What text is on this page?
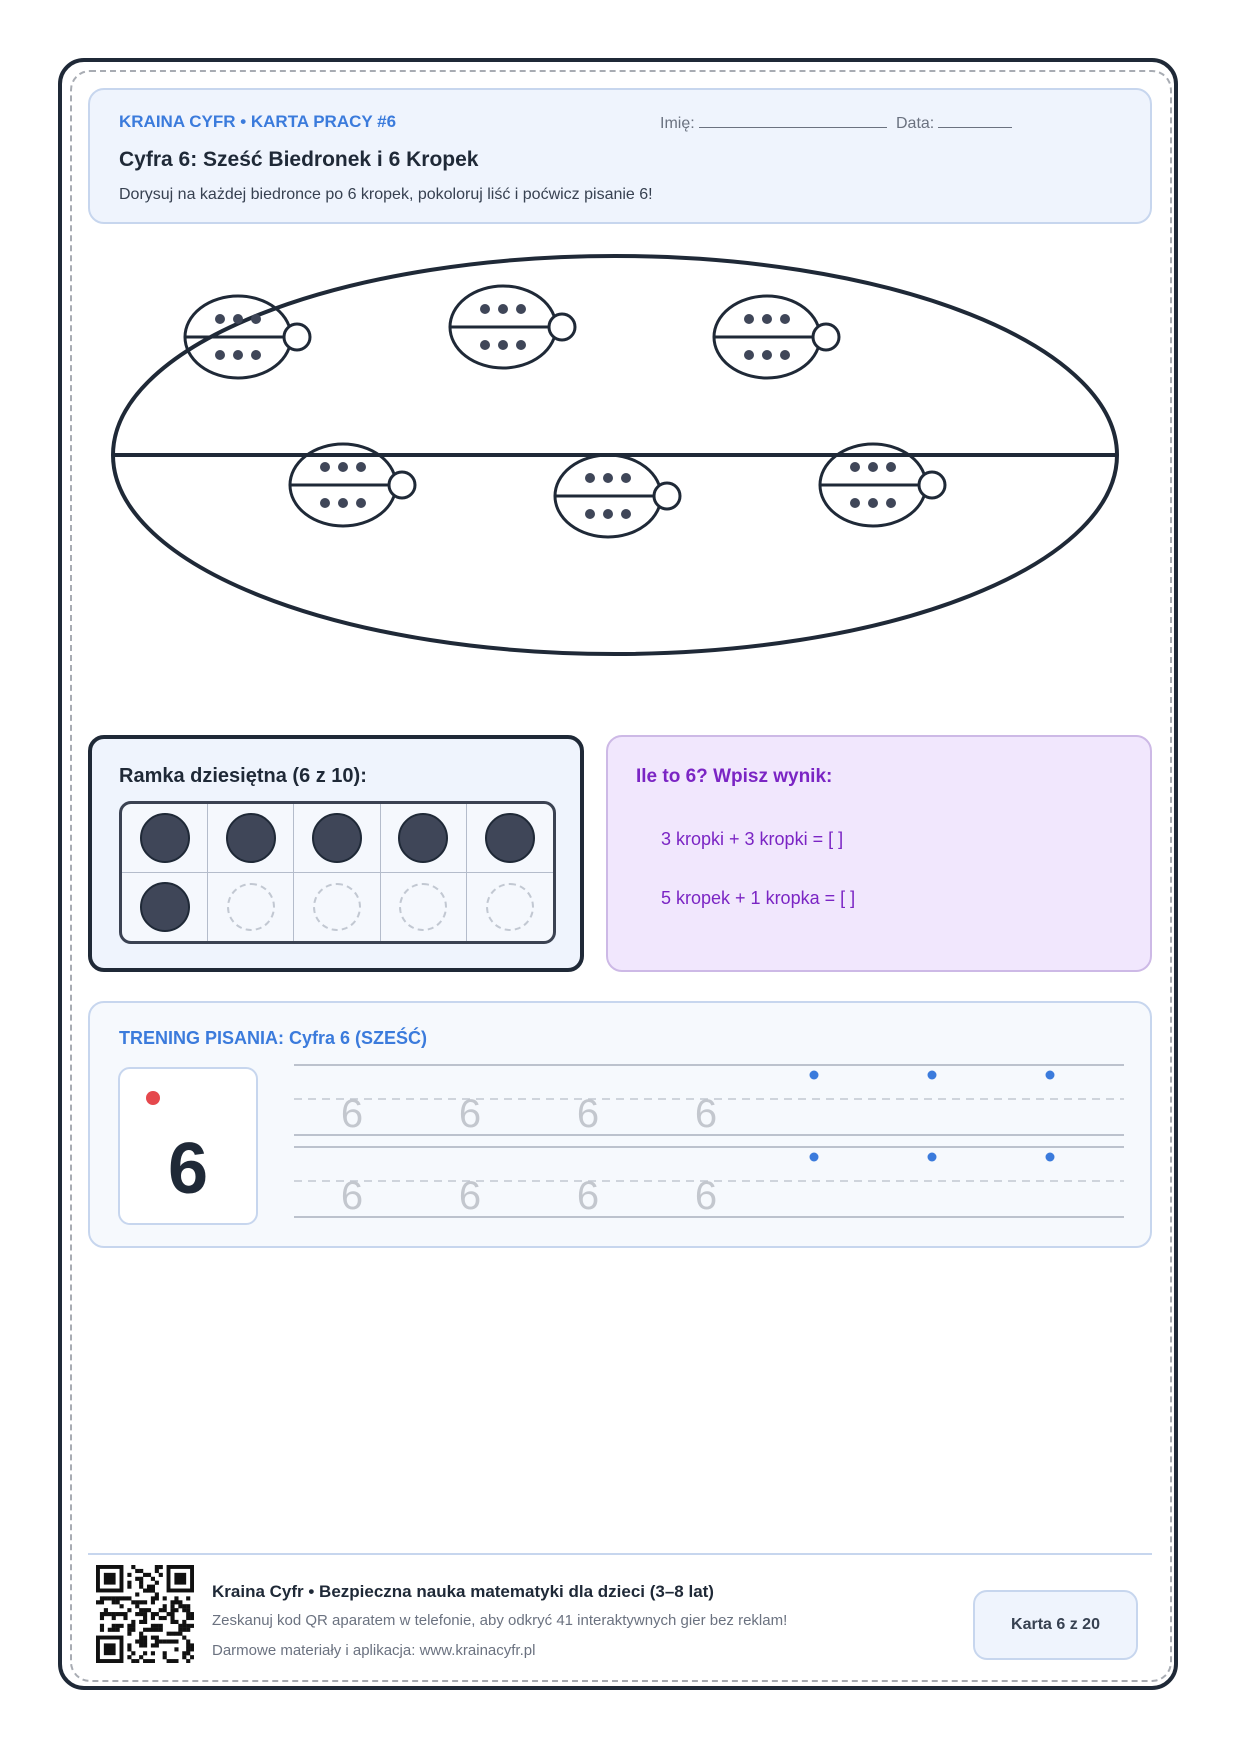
KRAINA CYFR • KARTA PRACY #6	Imię:	Data:
Cyfra 6: Sześć Biedronek i 6 Kropek
Dorysuj na każdej biedronce po 6 kropek, pokoloruj liść i poćwicz pisanie 6!
Ramka dziesiętna (6 z 10):	Ile to 6? Wpisz wynik:
3 kropki + 3 kropki = [ ]
5 kropek + 1 kropka = [ ]
TRENING PISANIA: Cyfra 6 (SZEŚĆ)
6
6 6 6 6
6 6 6 6
Kraina Cyfr • Bezpieczna nauka matematyki dla dzieci (3–8 lat)
Zeskanuj kod QR aparatem w telefonie, aby odkryć 41 interaktywnych gier bez reklam!
Darmowe materiały i aplikacja: www.krainacyfr.pl
Karta 6 z 20
